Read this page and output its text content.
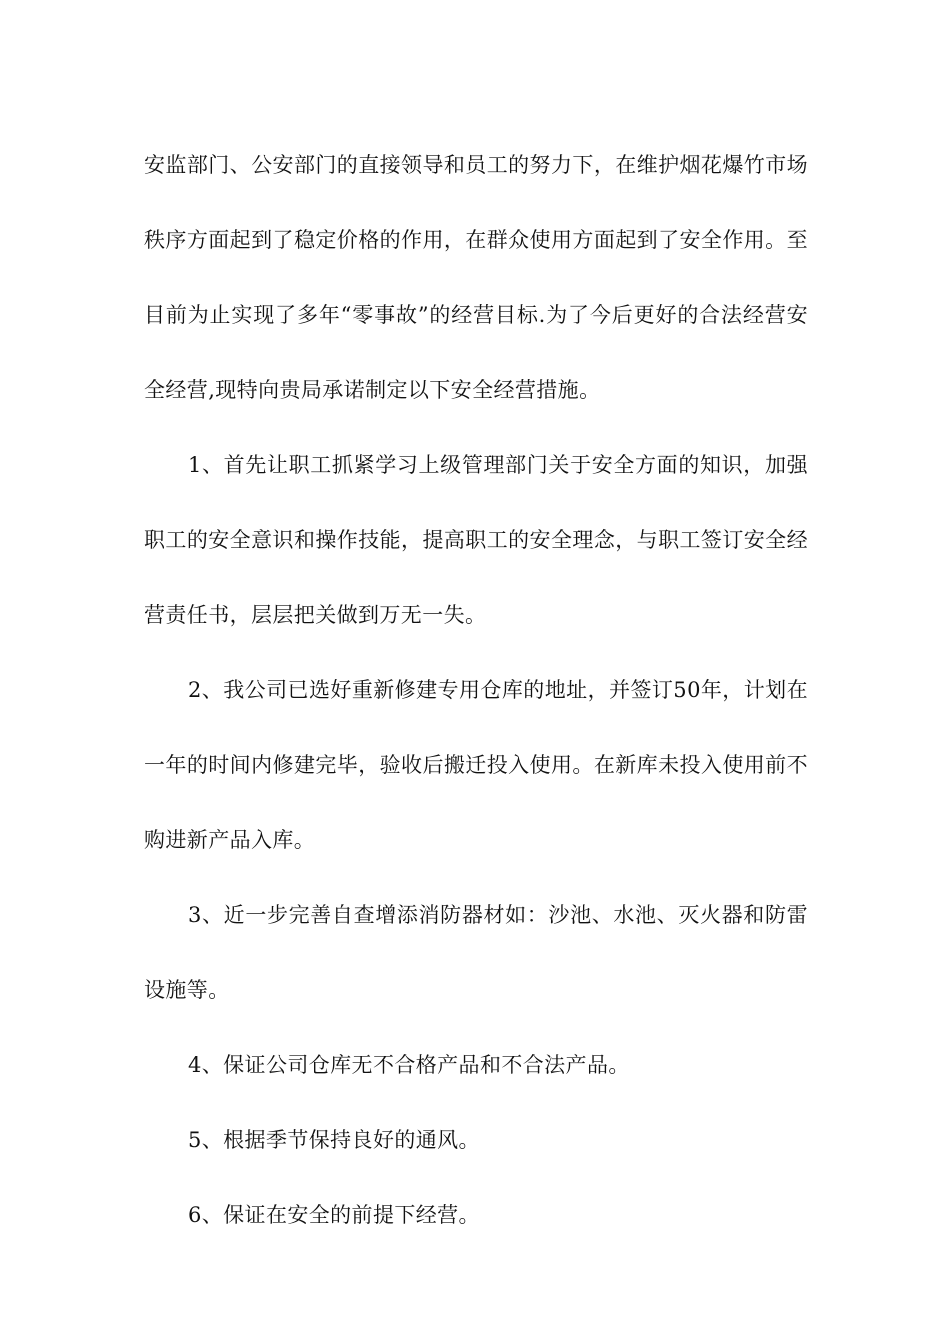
安监部门、公安部门的直接领导和员工的努力下，在维护烟花爆竹市场秩序方面起到了稳定价格的作用，在群众使用方面起到了安全作用。至目前为止实现了多年“零事故”的经营目标.为了今后更好的合法经营安全经营,现特向贵局承诺制定以下安全经营措施。

1、首先让职工抓紧学习上级管理部门关于安全方面的知识，加强职工的安全意识和操作技能，提高职工的安全理念，与职工签订安全经营责任书，层层把关做到万无一失。

2、我公司已选好重新修建专用仓库的地址，并签订50年，计划在一年的时间内修建完毕，验收后搬迁投入使用。在新库未投入使用前不购进新产品入库。

3、近一步完善自查增添消防器材如：沙池、水池、灭火器和防雷设施等。

4、保证公司仓库无不合格产品和不合法产品。

5、根据季节保持良好的通风。

6、保证在安全的前提下经营。
